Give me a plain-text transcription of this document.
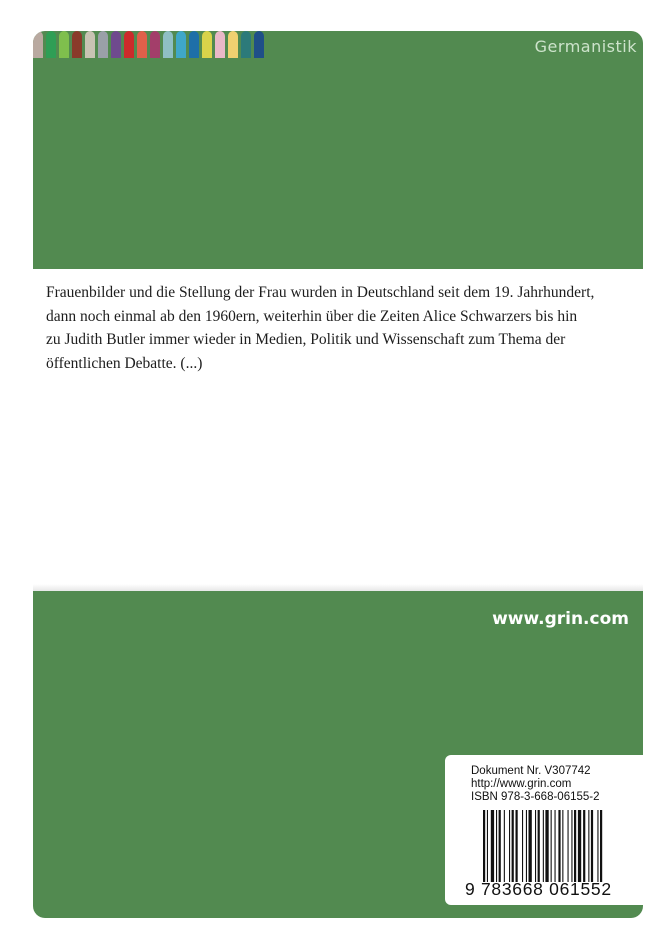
Germanistik
Frauenbilder und die Stellung der Frau wurden in Deutschland seit dem 19. Jahrhundert,
dann noch einmal ab den 1960ern, weiterhin über die Zeiten Alice Schwarzers bis hin
zu Judith Butler immer wieder in Medien, Politik und Wissenschaft zum Thema der
öffentlichen Debatte. (...)
www.grin.com
Dokument Nr. V307742
http://www.grin.com
ISBN 978-3-668-06155-2
9 783668 061552
